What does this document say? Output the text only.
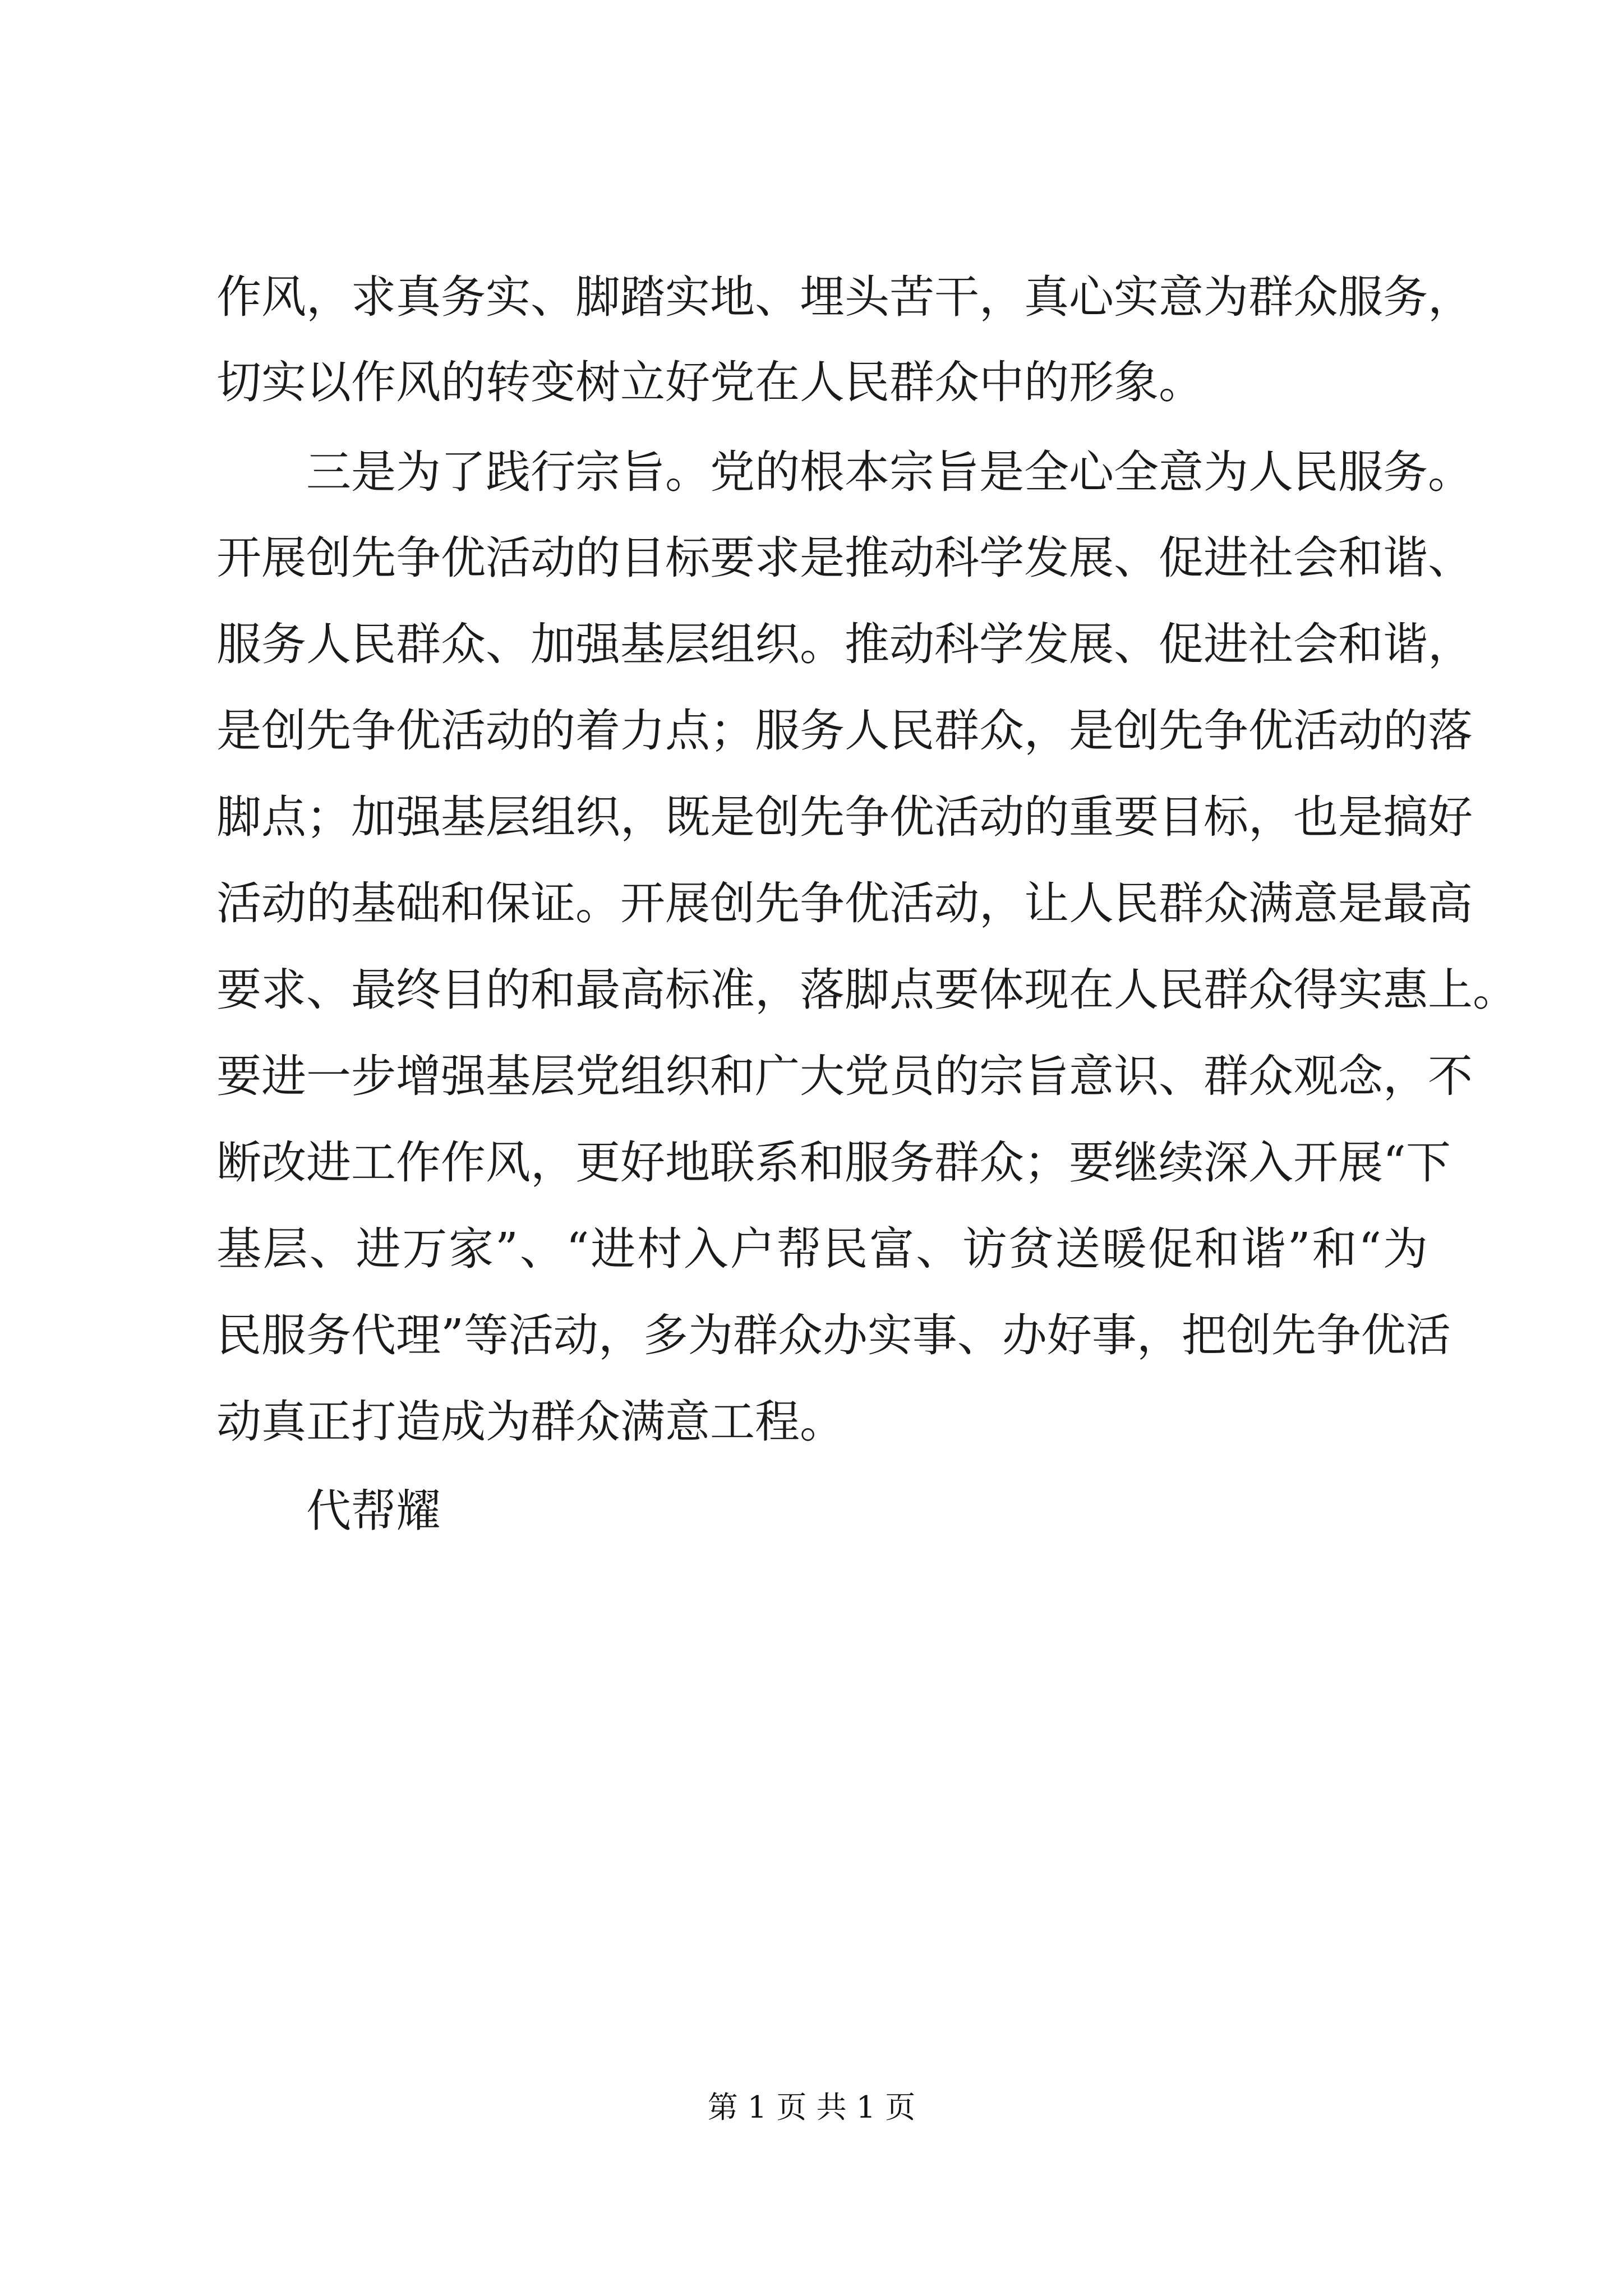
作风，求真务实、脚踏实地、埋头苦干，真心实意为群众服务，
切实以作风的转变树立好党在人民群众中的形象。
三是为了践行宗旨。党的根本宗旨是全心全意为人民服务。
开展创先争优活动的目标要求是推动科学发展、促进社会和谐、
服务人民群众、加强基层组织。推动科学发展、促进社会和谐，
是创先争优活动的着力点；服务人民群众，是创先争优活动的落
脚点；加强基层组织，既是创先争优活动的重要目标，也是搞好
活动的基础和保证。开展创先争优活动，让人民群众满意是最高
要求、最终目的和最高标准，落脚点要体现在人民群众得实惠上。
要进一步增强基层党组织和广大党员的宗旨意识、群众观念，不
断改进工作作风，更好地联系和服务群众；要继续深入开展“下
基层、进万家”、“进村入户帮民富、访贫送暖促和谐”和“为
民服务代理”等活动，多为群众办实事、办好事，把创先争优活
动真正打造成为群众满意工程。
代帮耀
第 1 页 共 1 页
